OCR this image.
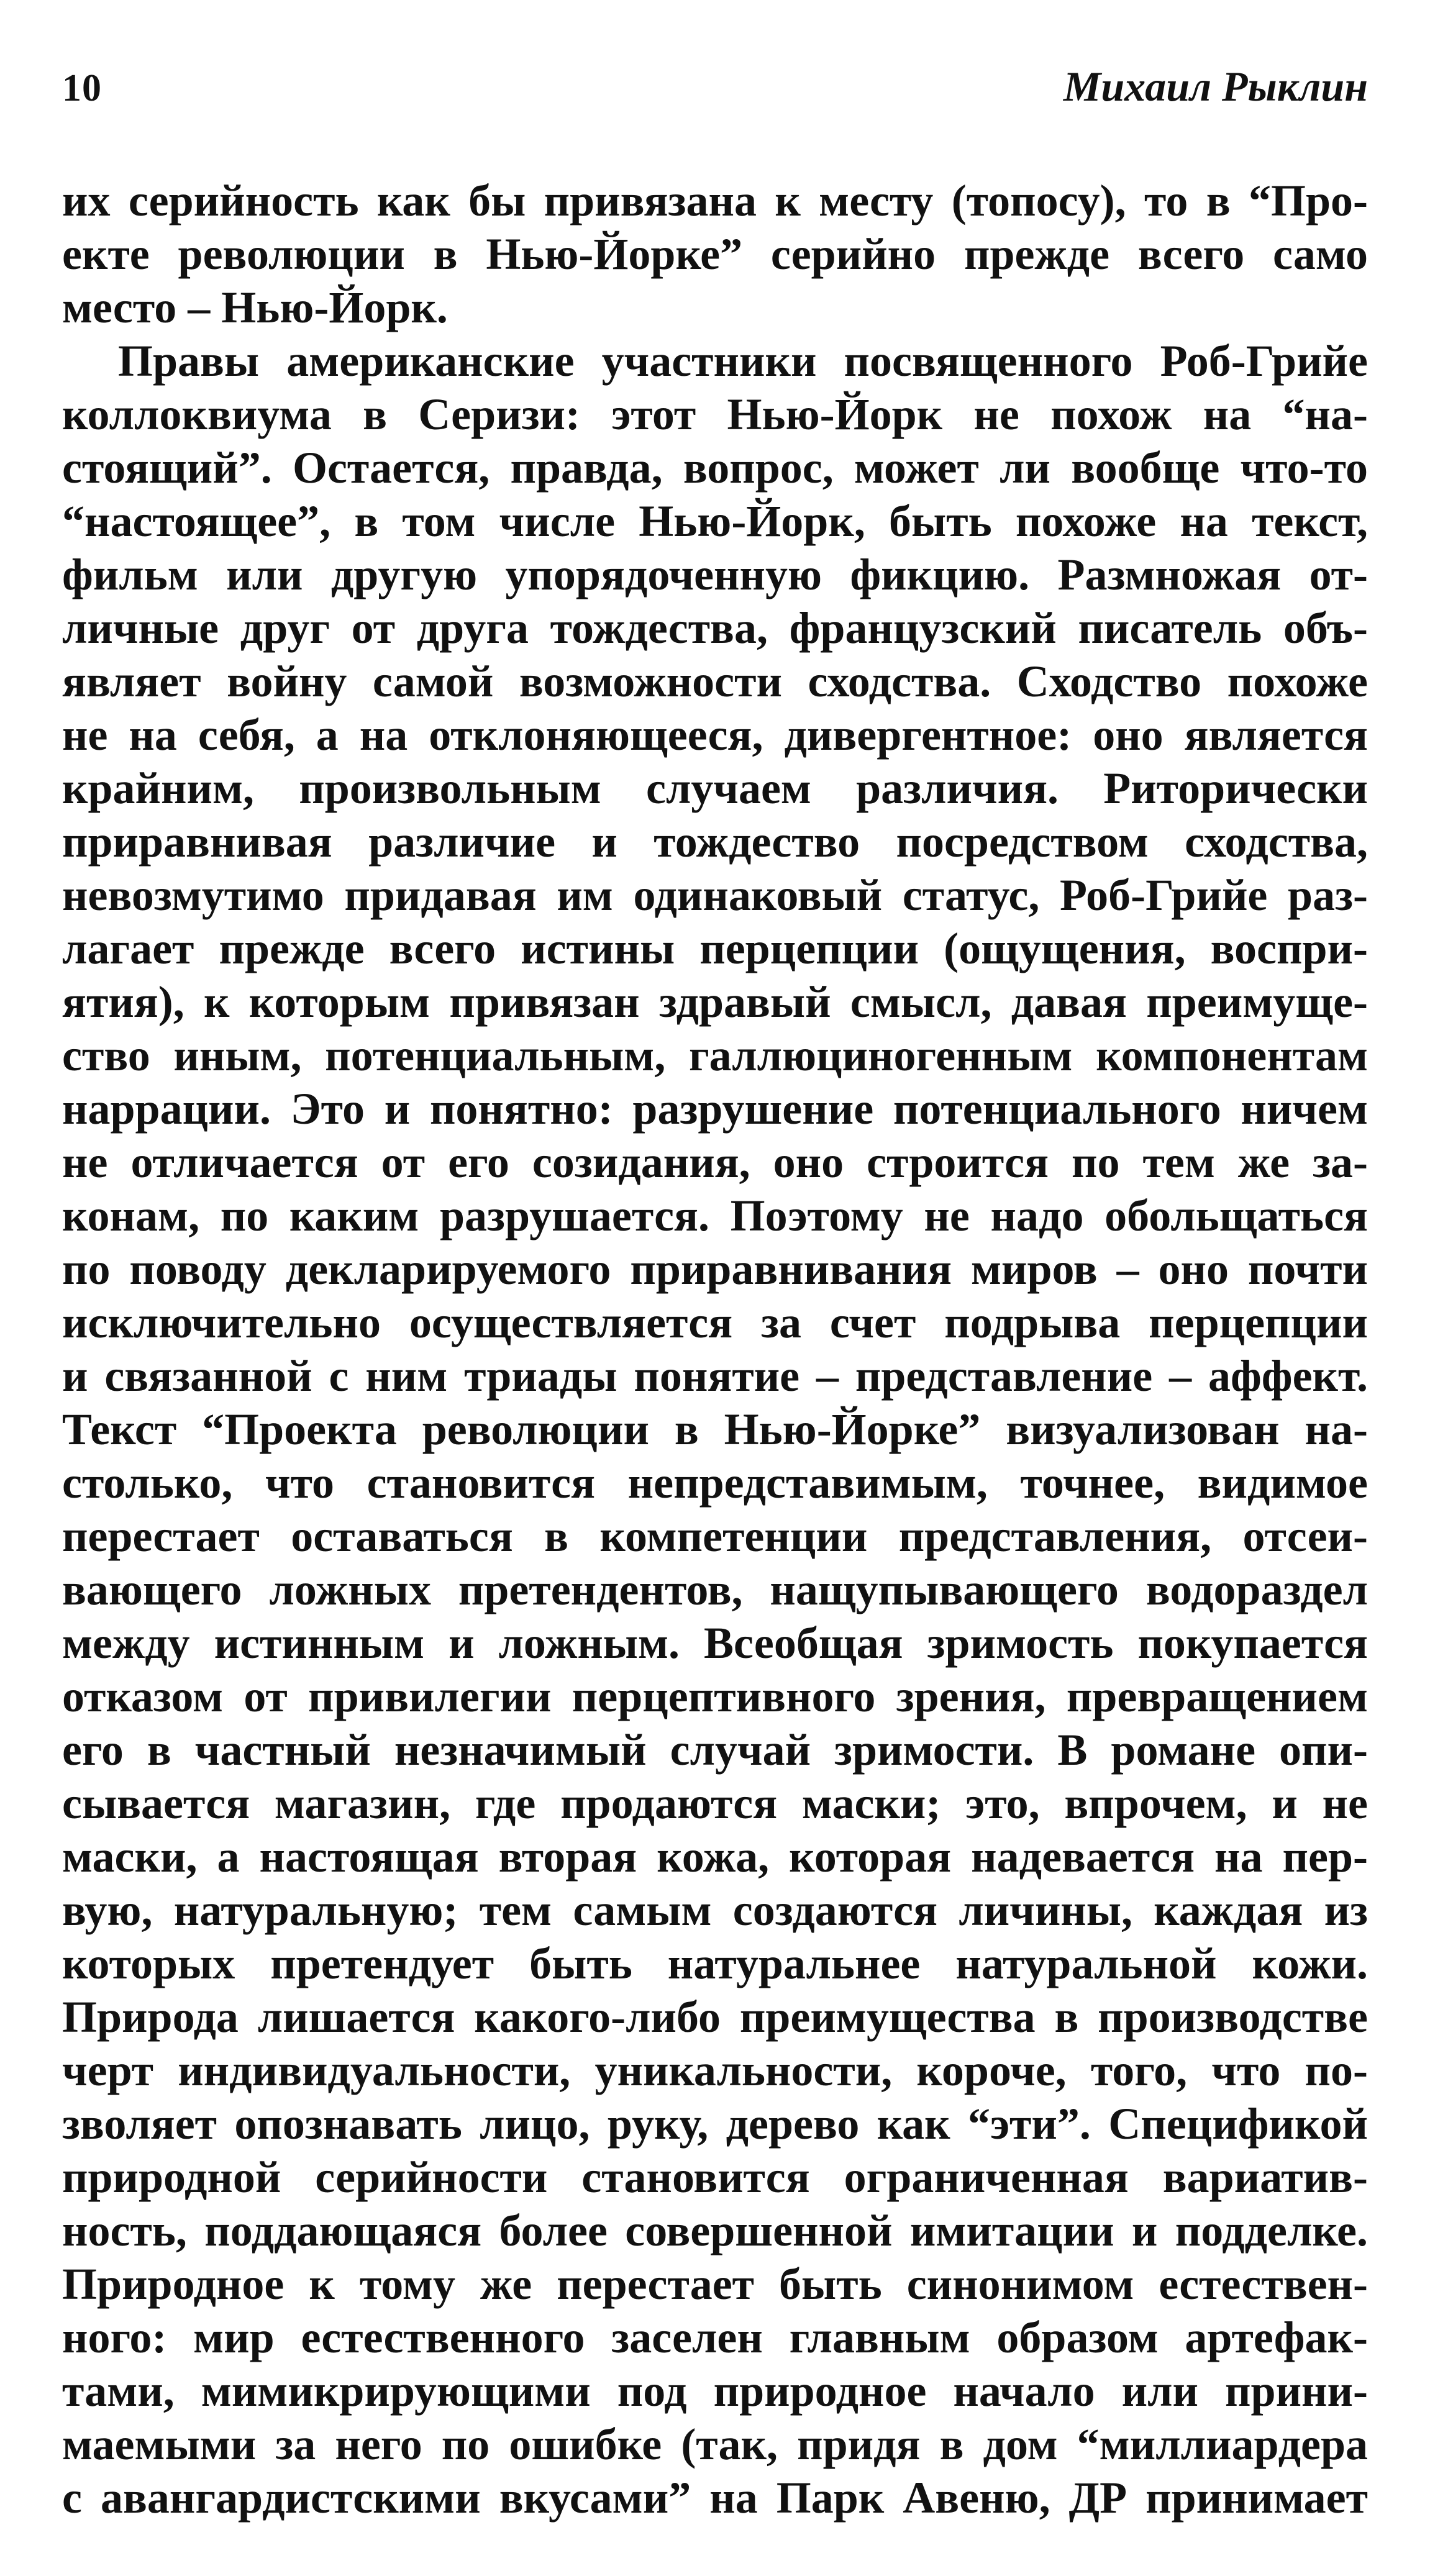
10	Михаил Рыклин
их серийность как бы привязана к месту (топосу), то в “Про-
екте революции в Нью-Йорке” серийно прежде всего само
место – Нью-Йорк.
Правы американские участники посвященного Роб-Грийе
коллоквиума в Серизи: этот Нью-Йорк не похож на “на-
стоящий”. Остается, правда, вопрос, может ли вообще что-то
“настоящее”, в том числе Нью-Йорк, быть похоже на текст,
фильм или другую упорядоченную фикцию. Размножая от-
личные друг от друга тождества, французский писатель объ-
являет войну самой возможности сходства. Сходство похоже
не на себя, а на отклоняющееся, дивергентное: оно является
крайним, произвольным случаем различия. Риторически
приравнивая различие и тождество посредством сходства,
невозмутимо придавая им одинаковый статус, Роб-Грийе раз-
лагает прежде всего истины перцепции (ощущения, воспри-
ятия), к которым привязан здравый смысл, давая преимуще-
ство иным, потенциальным, галлюциногенным компонентам
наррации. Это и понятно: разрушение потенциального ничем
не отличается от его созидания, оно строится по тем же за-
конам, по каким разрушается. Поэтому не надо обольщаться
по поводу декларируемого приравнивания миров – оно почти
исключительно осуществляется за счет подрыва перцепции
и связанной с ним триады понятие – представление – аффект.
Текст “Проекта революции в Нью-Йорке” визуализован на-
столько, что становится непредставимым, точнее, видимое
перестает оставаться в компетенции представления, отсеи-
вающего ложных претендентов, нащупывающего водораздел
между истинным и ложным. Всеобщая зримость покупается
отказом от привилегии перцептивного зрения, превращением
его в частный незначимый случай зримости. В романе опи-
сывается магазин, где продаются маски; это, впрочем, и не
маски, а настоящая вторая кожа, которая надевается на пер-
вую, натуральную; тем самым создаются личины, каждая из
которых претендует быть натуральнее натуральной кожи.
Природа лишается какого-либо преимущества в производстве
черт индивидуальности, уникальности, короче, того, что по-
зволяет опознавать лицо, руку, дерево как “эти”. Спецификой
природной серийности становится ограниченная вариатив-
ность, поддающаяся более совершенной имитации и подделке.
Природное к тому же перестает быть синонимом естествен-
ного: мир естественного заселен главным образом артефак-
тами, мимикрирующими под природное начало или прини-
маемыми за него по ошибке (так, придя в дом “миллиардера
с авангардистскими вкусами” на Парк Авеню, ДР принимает
